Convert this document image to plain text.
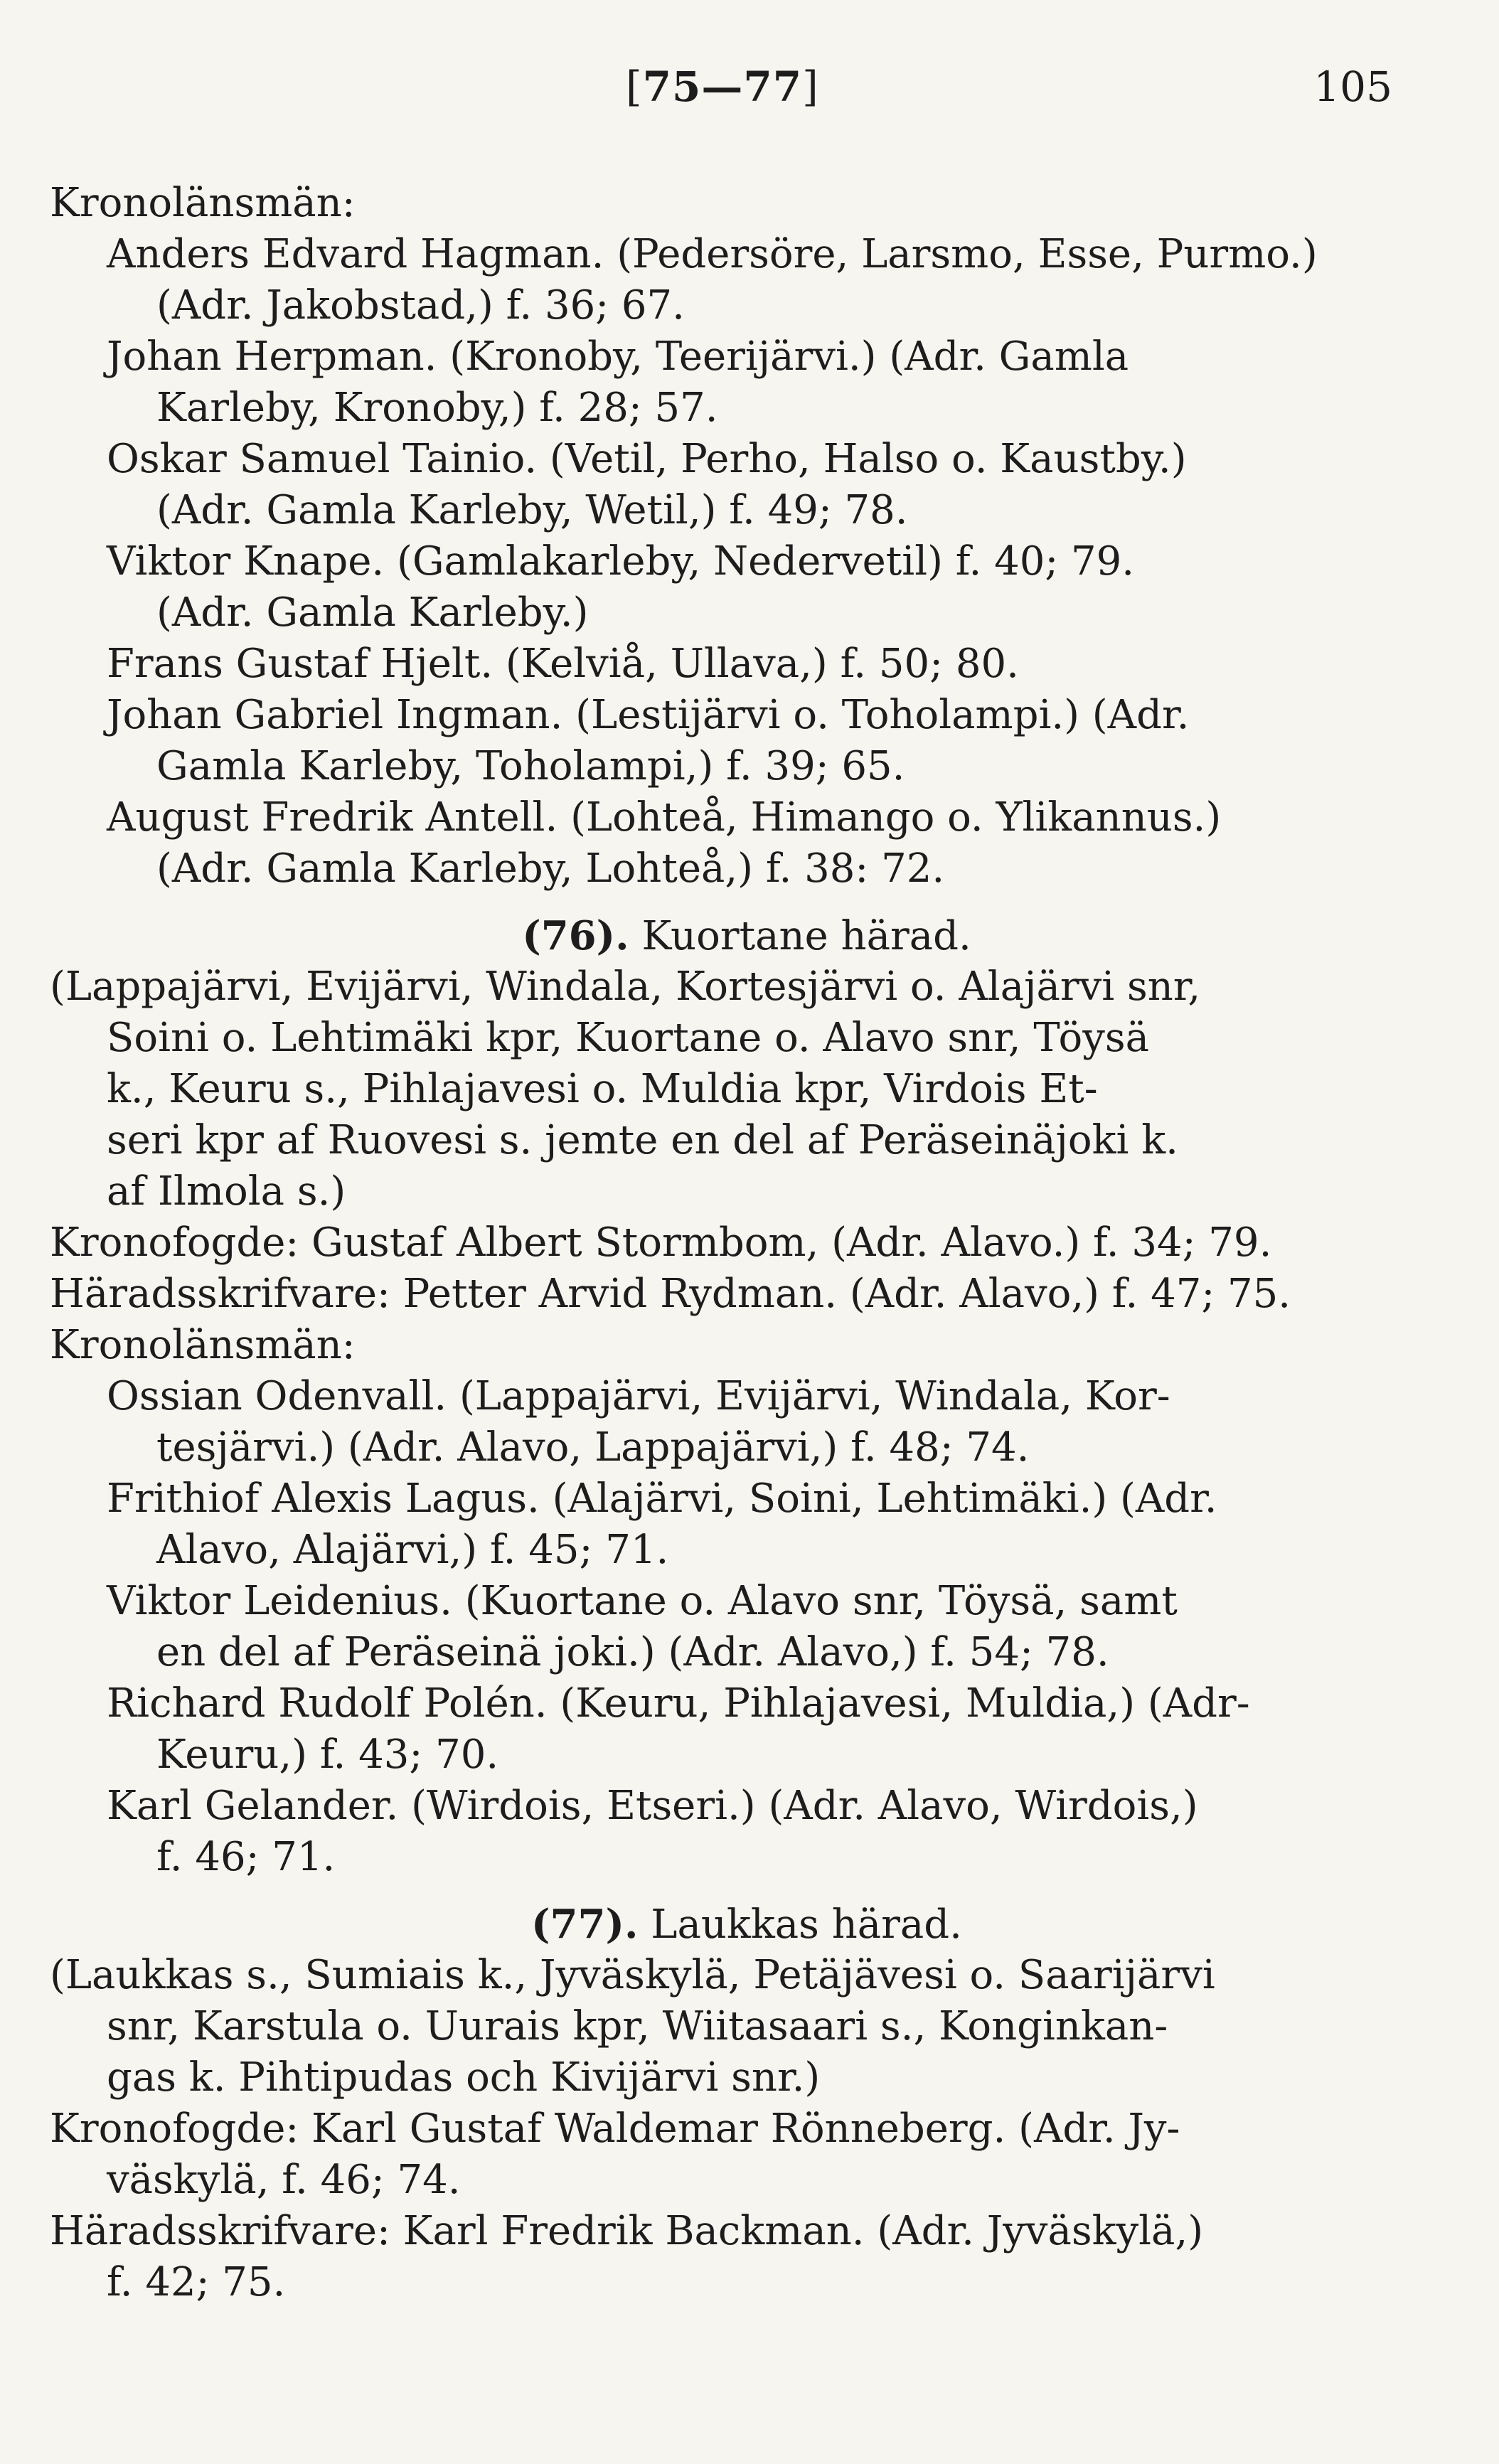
[75—77]	105
Kronolänsmän:
Anders Edvard Hagman. (Pedersöre, Larsmo, Esse, Purmo.)
(Adr. Jakobstad,) f. 36; 67.
Johan Herpman. (Kronoby, Teerijärvi.) (Adr. Gamla
Karleby, Kronoby,) f. 28; 57.
Oskar Samuel Tainio. (Vetil, Perho, Halso o. Kaustby.)
(Adr. Gamla Karleby, Wetil,) f. 49; 78.
Viktor Knape. (Gamlakarleby, Nedervetil) f. 40; 79.
(Adr. Gamla Karleby.)
Frans Gustaf Hjelt. (Kelviå, Ullava,) f. 50; 80.
Johan Gabriel Ingman. (Lestijärvi o. Toholampi.) (Adr.
Gamla Karleby, Toholampi,) f. 39; 65.
August Fredrik Antell. (Lohteå, Himango o. Ylikannus.)
(Adr. Gamla Karleby, Lohteå,) f. 38: 72.
(76). Kuortane härad.
(Lappajärvi, Evijärvi, Windala, Kortesjärvi o. Alajärvi snr,
Soini o. Lehtimäki kpr, Kuortane o. Alavo snr, Töysä
k., Keuru s., Pihlajavesi o. Muldia kpr, Virdois Et-
seri kpr af Ruovesi s. jemte en del af Peräseinäjoki k.
af Ilmola s.)
Kronofogde: Gustaf Albert Stormbom, (Adr. Alavo.) f. 34; 79.
Häradsskrifvare: Petter Arvid Rydman. (Adr. Alavo,) f. 47; 75.
Kronolänsmän:
Ossian Odenvall. (Lappajärvi, Evijärvi, Windala, Kor-
tesjärvi.) (Adr. Alavo, Lappajärvi,) f. 48; 74.
Frithiof Alexis Lagus. (Alajärvi, Soini, Lehtimäki.) (Adr.
Alavo, Alajärvi,) f. 45; 71.
Viktor Leidenius. (Kuortane o. Alavo snr, Töysä, samt
en del af Peräseinä joki.) (Adr. Alavo,) f. 54; 78.
Richard Rudolf Polén. (Keuru, Pihlajavesi, Muldia,) (Adr-
Keuru,) f. 43; 70.
Karl Gelander. (Wirdois, Etseri.) (Adr. Alavo, Wirdois,)
f. 46; 71.
(77). Laukkas härad.
(Laukkas s., Sumiais k., Jyväskylä, Petäjävesi o. Saarijärvi
snr, Karstula o. Uurais kpr, Wiitasaari s., Konginkan-
gas k. Pihtipudas och Kivijärvi snr.)
Kronofogde: Karl Gustaf Waldemar Rönneberg. (Adr. Jy-
väskylä, f. 46; 74.
Häradsskrifvare: Karl Fredrik Backman. (Adr. Jyväskylä,)
f. 42; 75.
